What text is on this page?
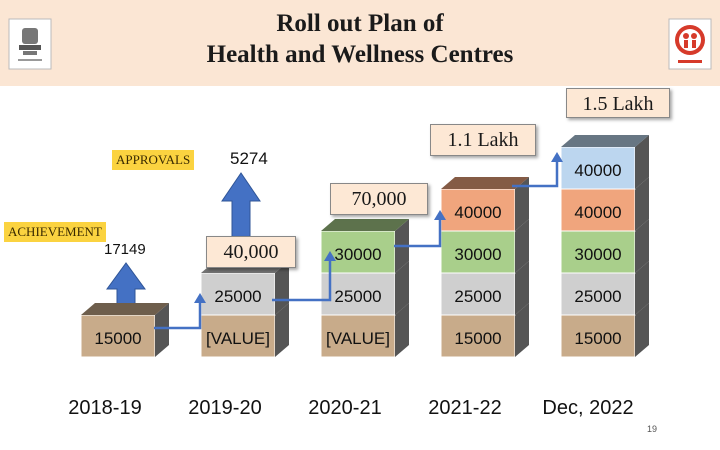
Roll out Plan of
Health and Wellness Centres
15000	[VALUE]
25000
[VALUE]
25000
30000
15000
25000
30000
40000
15000
25000
30000
40000
40000
2018-19 2019-20 2020-21 2021-22 Dec, 2022
APPROVALS 5274
ACHIEVEMENT
17149	40,000
70,000
1.1 Lakh
1.5 Lakh
19
